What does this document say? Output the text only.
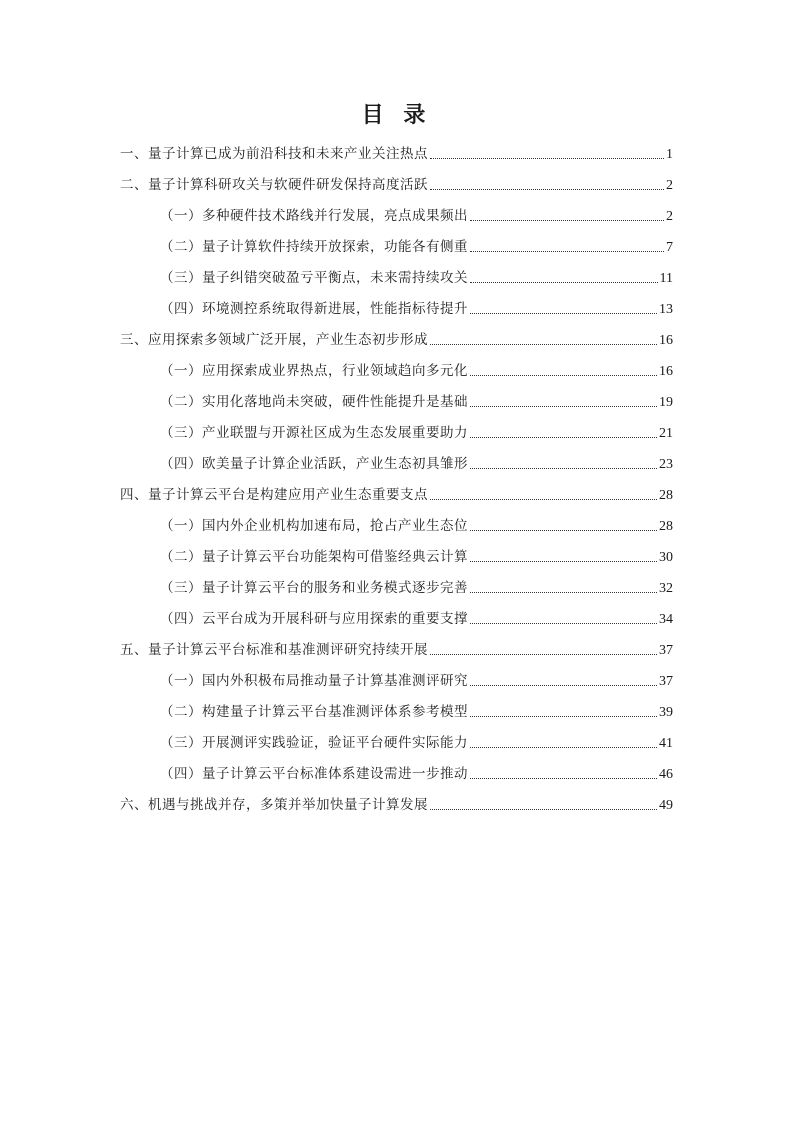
目 录
一、量子计算已成为前沿科技和未来产业关注热点	1
二、量子计算科研攻关与软硬件研发保持高度活跃	2
（一）多种硬件技术路线并行发展，亮点成果频出	2
（二）量子计算软件持续开放探索，功能各有侧重	7
（三）量子纠错突破盈亏平衡点，未来需持续攻关	11
（四）环境测控系统取得新进展，性能指标待提升	13
三、应用探索多领域广泛开展，产业生态初步形成	16
（一）应用探索成业界热点，行业领域趋向多元化	16
（二）实用化落地尚未突破，硬件性能提升是基础	19
（三）产业联盟与开源社区成为生态发展重要助力	21
（四）欧美量子计算企业活跃，产业生态初具雏形	23
四、量子计算云平台是构建应用产业生态重要支点	28
（一）国内外企业机构加速布局，抢占产业生态位	28
（二）量子计算云平台功能架构可借鉴经典云计算	30
（三）量子计算云平台的服务和业务模式逐步完善	32
（四）云平台成为开展科研与应用探索的重要支撑	34
五、量子计算云平台标准和基准测评研究持续开展	37
（一）国内外积极布局推动量子计算基准测评研究	37
（二）构建量子计算云平台基准测评体系参考模型	39
（三）开展测评实践验证，验证平台硬件实际能力	41
（四）量子计算云平台标准体系建设需进一步推动	46
六、机遇与挑战并存，多策并举加快量子计算发展	49
